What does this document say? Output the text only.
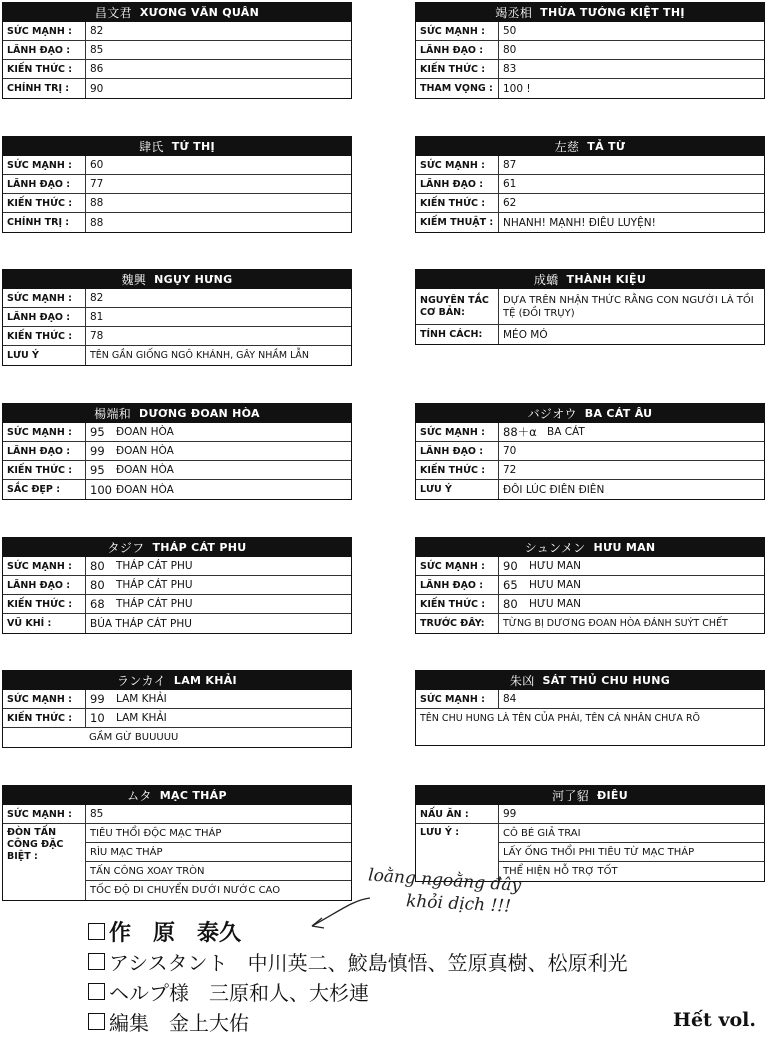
昌文君 XƯƠNG VĂN QUÂN
SỨC MẠNH :	82
LÃNH ĐẠO :	85
KIẾN THỨC :	86
CHÍNH TRỊ :	90
竭丞相 THỪA TƯỚNG KIỆT THỊ
SỨC MẠNH :	50
LÃNH ĐẠO :	80
KIẾN THỨC :	83
THAM VỌNG : 100 !
肆氏 TỨ THỊ
SỨC MẠNH :	60
LÃNH ĐẠO :	77
KIẾN THỨC :	88
CHÍNH TRỊ :	88
左慈 TẢ TỪ
SỨC MẠNH :	87
LÃNH ĐẠO :	61
KIẾN THỨC :	62
KIẾM THUẬT : NHANH! MẠNH! ĐIÊU LUYỆN!
魏興 NGỤY HƯNG
SỨC MẠNH :	82
LÃNH ĐẠO :	81
KIẾN THỨC :	78
LƯU Ý	TÊN GẦN GIỐNG NGÔ KHÁNH, GÂY NHẦM LẪN
成蟜 THÀNH KIỆU
NGUYÊN TẮC CƠ BẢN:
DỰA TRÊN NHẬN THỨC RẰNG CON NGƯỜI LÀ TỒI TỆ (ĐỒI TRỤY)
TÍNH CÁCH:	MÉO MÓ
楊端和 DƯƠNG ĐOAN HÒA
SỨC MẠNH :	95	ĐOAN HÒA
LÃNH ĐẠO :	99	ĐOAN HÒA
KIẾN THỨC :	95	ĐOAN HÒA
SẮC ĐẸP :	100 ĐOAN HÒA
バジオウ BA CÁT ÂU
SỨC MẠNH :	88＋α BA CÁT
LÃNH ĐẠO :	70
KIẾN THỨC :	72
LƯU Ý	ĐÔI LÚC ĐIÊN ĐIÊN
タジフ THÁP CÁT PHU
SỨC MẠNH :	80	THÁP CÁT PHU
LÃNH ĐẠO :	80	THÁP CÁT PHU
KIẾN THỨC :	68	THÁP CÁT PHU
VŨ KHÍ :	BÚA THÁP CÁT PHU
シュンメン HƯU MAN
SỨC MẠNH :	90	HƯU MAN
LÃNH ĐẠO :	65	HƯU MAN
KIẾN THỨC :	80	HƯU MAN
TRƯỚC ĐÂY:	TỪNG BỊ DƯƠNG ĐOAN HÒA ĐÁNH SUÝT CHẾT
ランカイ LAM KHẢI
SỨC MẠNH :	99	LAM KHẢI
KIẾN THỨC :	10	LAM KHẢI
GẦM GỪ BUUUUU
朱凶 SÁT THỦ CHU HUNG
SỨC MẠNH :	84
TÊN CHU HUNG LÀ TÊN CỦA PHÁI, TÊN CÁ NHÂN CHƯA RÕ
ムタ MẠC THÁP
SỨC MẠNH :	85
ĐÒN TẤN CÔNG ĐẶC BIỆT :
TIÊU THỔI ĐỘC MẠC THÁP
RÌU MẠC THÁP
TẤN CÔNG XOAY TRÒN
TỐC ĐỘ DI CHUYỂN DƯỚI NƯỚC CAO
河了貂 ĐIÊU
NẤU ĂN :	99
LƯU Ý :	CÔ BÉ GIẢ TRAI
LẤY ỐNG THỔI PHI TIÊU TỪ MẠC THÁP
THỂ HIỆN HỖ TRỢ TỐT
loằng ngoằng đây
khỏi dịch !!!
作　原　泰久
アシスタント　中川英二、鮫島慎悟、笠原真樹、松原利光
ヘルプ様　三原和人、大杉連
編集　金上大佑	Hết vol.
